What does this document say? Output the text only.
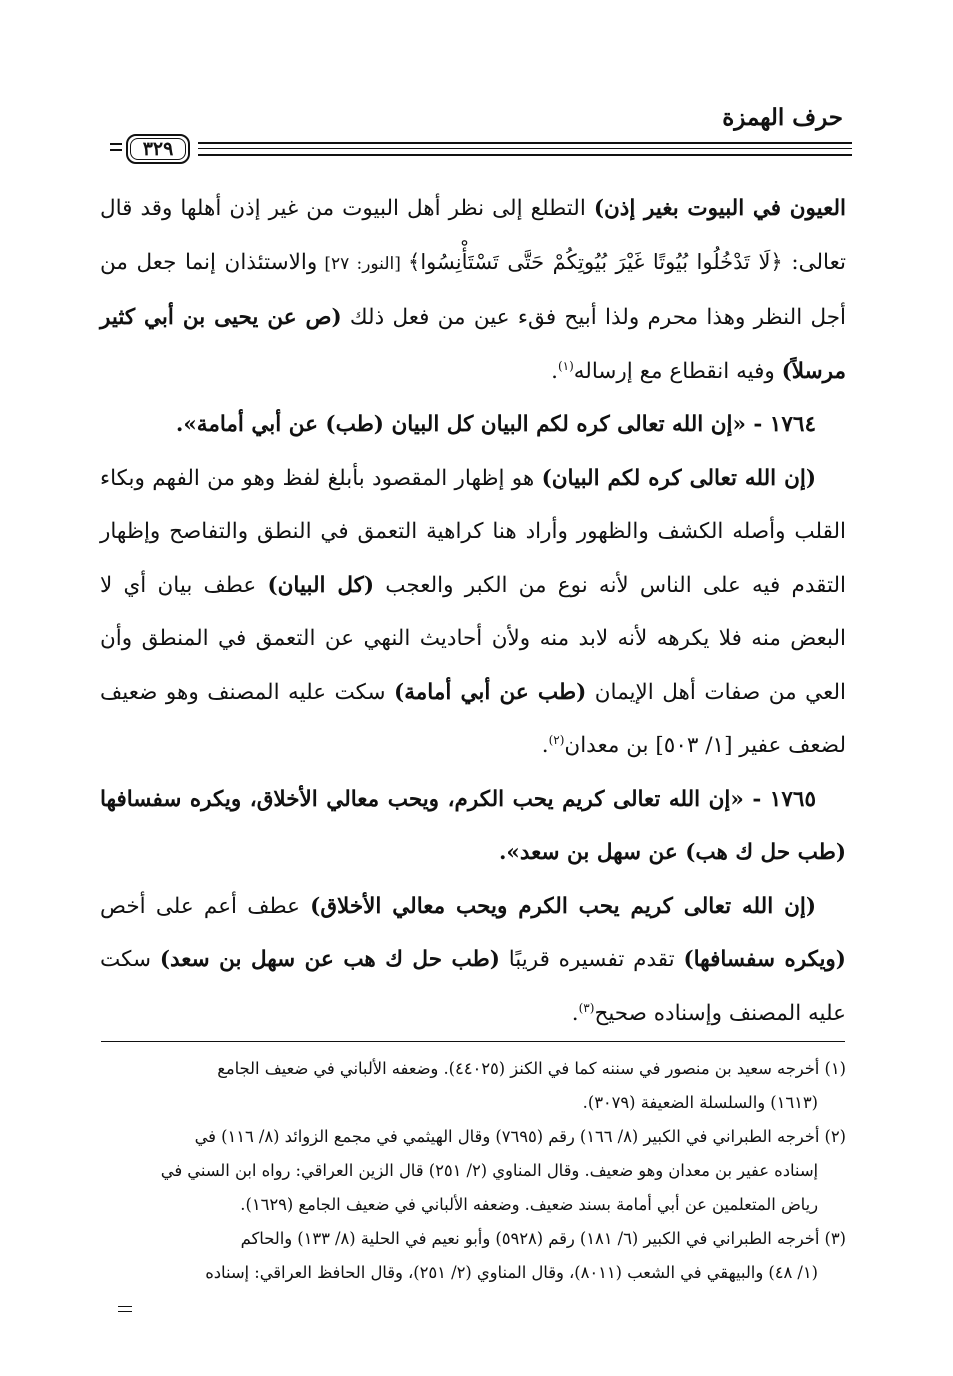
حرف الهمزة
٣٢٩

العيون في البيوت بغير إذن) التطلع إلى نظر أهل البيوت من غير إذن أهلها وقد قال تعالى: ﴿لَا تَدْخُلُوا بُيُوتًا غَيْرَ بُيُوتِكُمْ حَتَّى تَسْتَأْنِسُوا﴾ [النور: ٢٧] والاستئذان إنما جعل من أجل النظر وهذا محرم ولذا أبيح فقء عين من فعل ذلك (ص عن يحيى بن أبي كثير مرسلاً) وفيه انقطاع مع إرساله$^{(١)}$.

١٧٦٤ - «إن الله تعالى كره لكم البيان كل البيان (طب) عن أبي أمامة».

(إن الله تعالى كره لكم البيان) هو إظهار المقصود بأبلغ لفظ وهو من الفهم وبكاء القلب وأصله الكشف والظهور وأراد هنا كراهية التعمق في النطق والتفاصح وإظهار التقدم فيه على الناس لأنه نوع من الكبر والعجب (كل البيان) عطف بيان أي لا البعض منه فلا يكرهه لأنه لابد منه ولأن أحاديث النهي عن التعمق في المنطق وأن العي من صفات أهل الإيمان (طب عن أبي أمامة) سكت عليه المصنف وهو ضعيف لضعف عفير [١/ ٥٠٣] بن معدان$^{(٢)}$.

١٧٦٥ - «إن الله تعالى كريم يحب الكرم، ويحب معالي الأخلاق، ويكره سفسافها (طب حل ك هب) عن سهل بن سعد».

(إن الله تعالى كريم يحب الكرم ويحب معالي الأخلاق) عطف أعم على أخص (ويكره سفسافها) تقدم تفسيره قريبًا (طب حل ك هب عن سهل بن سعد) سكت عليه المصنف وإسناده صحيح$^{(٣)}$.

(١) أخرجه سعيد بن منصور في سننه كما في الكنز (٤٤٠٢٥). وضعفه الألباني في ضعيف الجامع

(١٦١٣) والسلسلة الضعيفة (٣٠٧٩).

(٢) أخرجه الطبراني في الكبير (٨/ ١٦٦) رقم (٧٦٩٥) وقال الهيثمي في مجمع الزوائد (٨/ ١١٦) في

إسناده عفير بن معدان وهو ضعيف. وقال المناوي (٢/ ٢٥١) قال الزين العراقي: رواه ابن السني في

رياض المتعلمين عن أبي أمامة بسند ضعيف. وضعفه الألباني في ضعيف الجامع (١٦٢٩).

(٣) أخرجه الطبراني في الكبير (٦/ ١٨١) رقم (٥٩٢٨) وأبو نعيم في الحلية (٨/ ١٣٣) والحاكم

(١/ ٤٨) والبيهقي في الشعب (٨٠١١)، وقال المناوي (٢/ ٢٥١)، وقال الحافظ العراقي: إسناده
